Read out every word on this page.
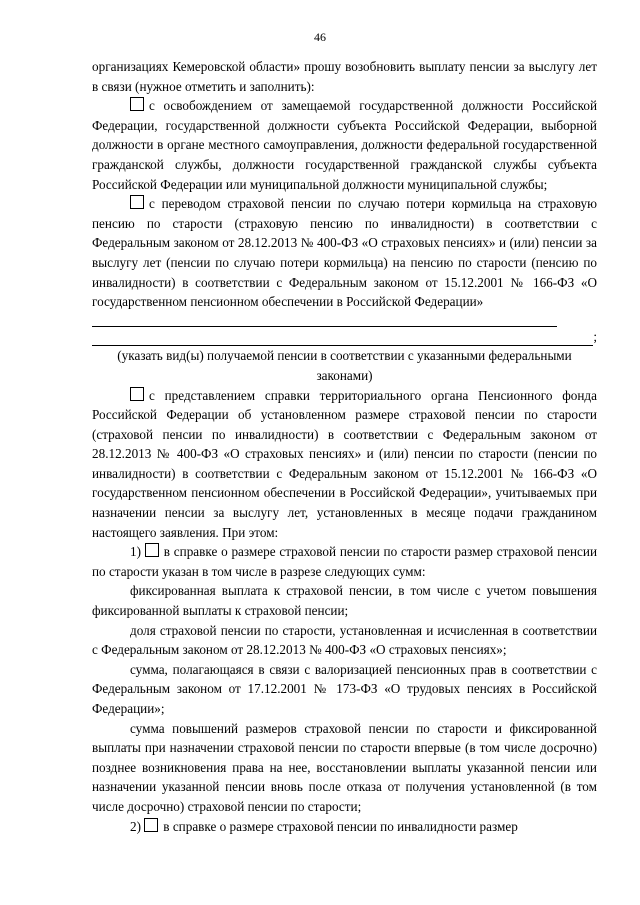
46

организациях Кемеровской области» прошу возобновить выплату пенсии за выслугу лет в связи (нужное отметить и заполнить):

с освобождением от замещаемой государственной должности Российской Федерации, государственной должности субъекта Российской Федерации, выборной должности в органе местного самоуправления, должности федеральной государственной гражданской службы, должности государственной гражданской службы субъекта Российской Федерации или муниципальной должности муниципальной службы;

с переводом страховой пенсии по случаю потери кормильца на страховую пенсию по старости (страховую пенсию по инвалидности) в соответствии с Федеральным законом от 28.12.2013 № 400-ФЗ «О страховых пенсиях» и (или) пенсии за выслугу лет (пенсии по случаю потери кормильца) на пенсию по старости (пенсию по инвалидности) в соответствии с Федеральным законом от 15.12.2001 № 166-ФЗ «О государственном пенсионном обеспечении в Российской Федерации»

;

(указать вид(ы) получаемой пенсии в соответствии с указанными федеральными законами)

с представлением справки территориального органа Пенсионного фонда Российской Федерации об установленном размере страховой пенсии по старости (страховой пенсии по инвалидности) в соответствии с Федеральным законом от 28.12.2013 № 400-ФЗ «О страховых пенсиях» и (или) пенсии по старости (пенсии по инвалидности) в соответствии с Федеральным законом от 15.12.2001 № 166-ФЗ «О государственном пенсионном обеспечении в Российской Федерации», учитываемых при назначении пенсии за выслугу лет, установленных в месяце подачи гражданином настоящего заявления. При этом:

1) в справке о размере страховой пенсии по старости размер страховой пенсии по старости указан в том числе в разрезе следующих сумм:

фиксированная выплата к страховой пенсии, в том числе с учетом повышения фиксированной выплаты к страховой пенсии;

доля страховой пенсии по старости, установленная и исчисленная в соответствии с Федеральным законом от 28.12.2013 № 400-ФЗ «О страховых пенсиях»;

сумма, полагающаяся в связи с валоризацией пенсионных прав в соответствии с Федеральным законом от 17.12.2001 № 173-ФЗ «О трудовых пенсиях в Российской Федерации»;

сумма повышений размеров страховой пенсии по старости и фиксированной выплаты при назначении страховой пенсии по старости впервые (в том числе досрочно) позднее возникновения права на нее, восстановлении выплаты указанной пенсии или назначении указанной пенсии вновь после отказа от получения установленной (в том числе досрочно) страховой пенсии по старости;

2) в справке о размере страховой пенсии по инвалидности размер
